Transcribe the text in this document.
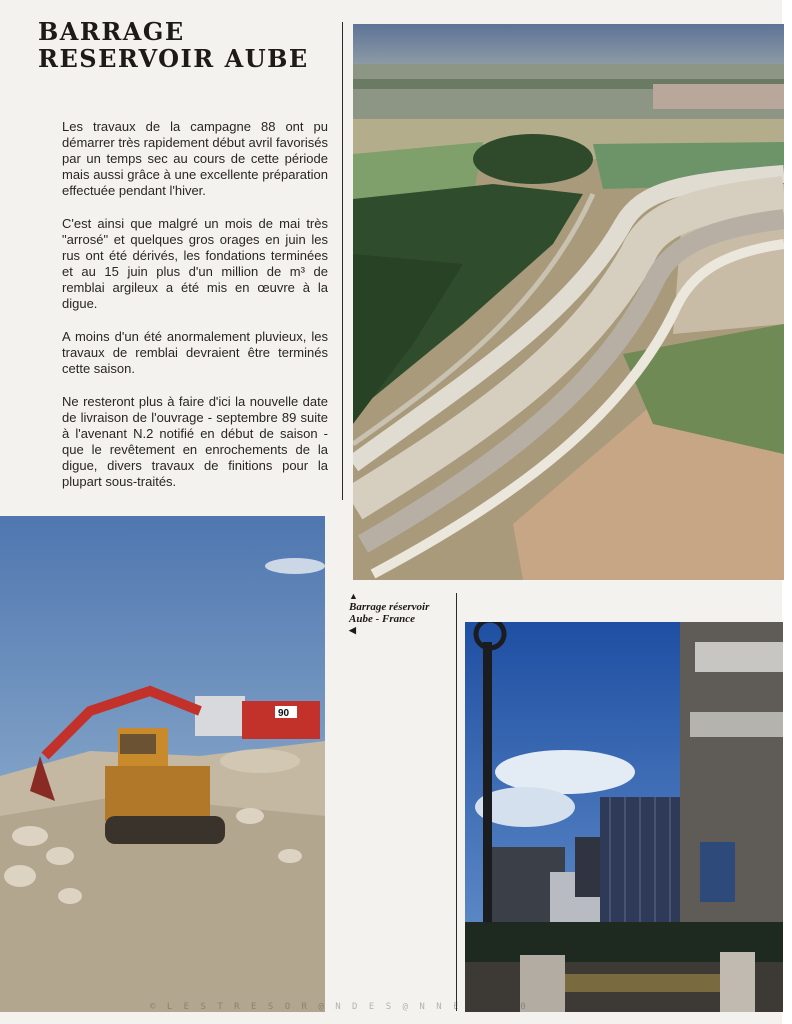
BARRAGE
RESERVOIR AUBE

Les travaux de la campagne 88 ont pu démarrer très rapidement début avril favorisés par un temps sec au cours de cette période mais aussi grâce à une excellente préparation effectuée pendant l'hiver.

C'est ainsi que malgré un mois de mai très "arrosé" et quelques gros orages en juin les rus ont été dérivés, les fondations terminées et au 15 juin plus d'un million de m³ de remblai argileux a été mis en œuvre à la digue.

A moins d'un été anormalement pluvieux, les travaux de remblai devraient être terminés cette saison.

Ne resteront plus à faire d'ici la nouvelle date de livraison de l'ouvrage - septembre 89 suite à l'avenant N.2 notifié en début de saison - que le revêtement en enrochements de la digue, divers travaux de finitions pour la plupart sous-traités.

90
▲
Barrage réservoir
Aube - France
◀
© L E S T R E S O R @ N D E S @ N N E E S 8 0
